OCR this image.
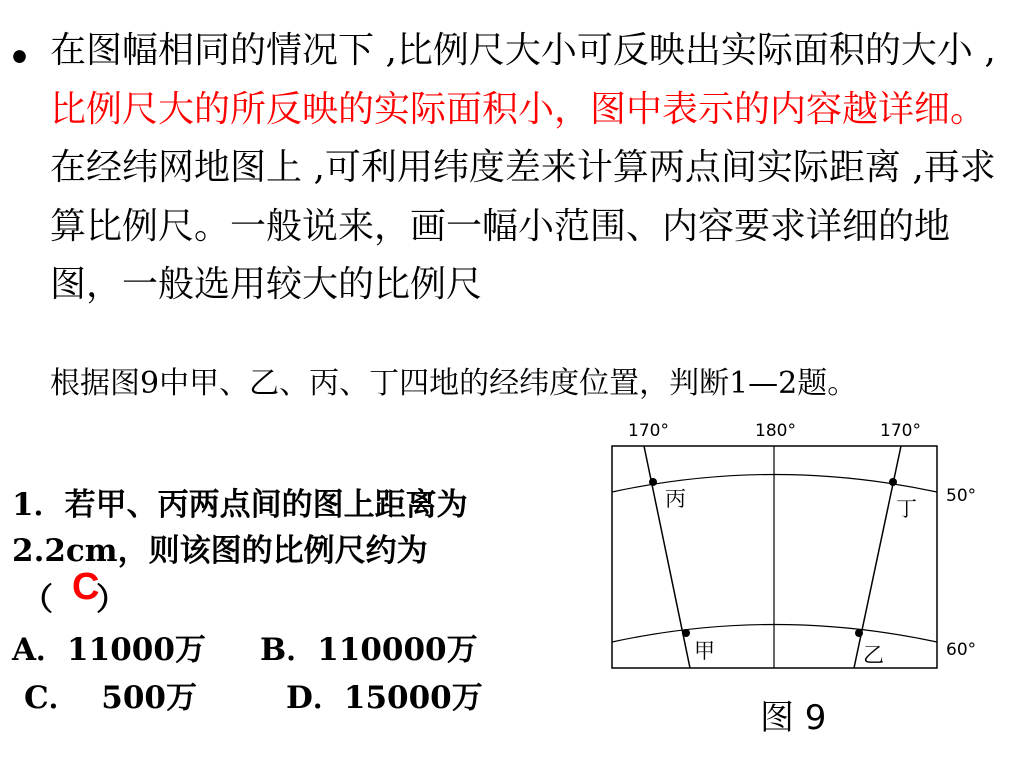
• 在图幅相同的情况下 ,比例尺大小可反映出实际面积的大小 ,比例尺大的所反映的实际面积小，图中表示的内容越详细。在经纬网地图上 ,可利用纬度差来计算两点间实际距离 ,再求算比例尺。一般说来，画一幅小范围、内容要求详细的地图，一般选用较大的比例尺
根据图9中甲、乙、丙、丁四地的经纬度位置，判断1—2题。
1．若甲、丙两点间的图上距离为
2.2cm，则该图的比例尺约为
（ C
）
A．11000万 B．110000万
C．  500万	D．15000万
170°	180°	170°
50°
60°
丙	丁
甲	乙
图 9
